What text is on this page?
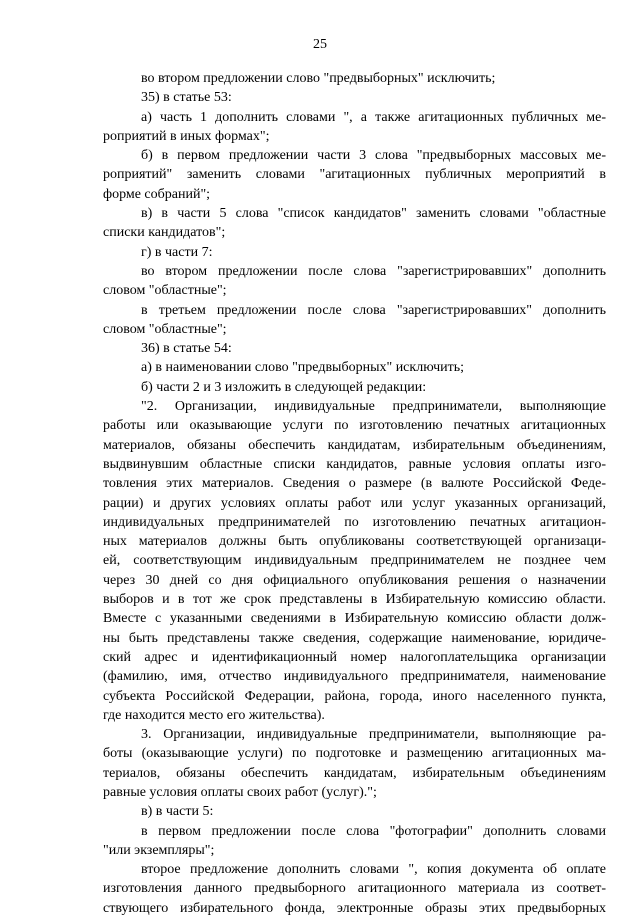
25
во втором предложении слово "предвыборных" исключить;
35) в статье 53:
а) часть 1 дополнить словами ", а также агитационных публичных ме-
роприятий в иных формах";
б) в первом предложении части 3 слова "предвыборных массовых ме-
роприятий" заменить словами "агитационных публичных мероприятий в
форме собраний";
в) в части 5 слова "список кандидатов" заменить словами "областные
списки кандидатов";
г) в части 7:
во втором предложении после слова "зарегистрировавших" дополнить
словом "областные";
в третьем предложении после слова "зарегистрировавших" дополнить
словом "областные";
36) в статье 54:
а) в наименовании слово "предвыборных" исключить;
б) части 2 и 3 изложить в следующей редакции:
"2. Организации, индивидуальные предприниматели, выполняющие
работы или оказывающие услуги по изготовлению печатных агитационных
материалов, обязаны обеспечить кандидатам, избирательным объединениям,
выдвинувшим областные списки кандидатов, равные условия оплаты изго-
товления этих материалов. Сведения о размере (в валюте Российской Феде-
рации) и других условиях оплаты работ или услуг указанных организаций,
индивидуальных предпринимателей по изготовлению печатных агитацион-
ных материалов должны быть опубликованы соответствующей организаци-
ей, соответствующим индивидуальным предпринимателем не позднее чем
через 30 дней со дня официального опубликования решения о назначении
выборов и в тот же срок представлены в Избирательную комиссию области.
Вместе с указанными сведениями в Избирательную комиссию области долж-
ны быть представлены также сведения, содержащие наименование, юридиче-
ский адрес и идентификационный номер налогоплательщика организации
(фамилию, имя, отчество индивидуального предпринимателя, наименование
субъекта Российской Федерации, района, города, иного населенного пункта,
где находится место его жительства).
3. Организации, индивидуальные предприниматели, выполняющие ра-
боты (оказывающие услуги) по подготовке и размещению агитационных ма-
териалов, обязаны обеспечить кандидатам, избирательным объединениям
равные условия оплаты своих работ (услуг).";
в) в части 5:
в первом предложении после слова "фотографии" дополнить словами
"или экземпляры";
второе предложение дополнить словами ", копия документа об оплате
изготовления данного предвыборного агитационного материала из соответ-
ствующего избирательного фонда, электронные образы этих предвыборных
